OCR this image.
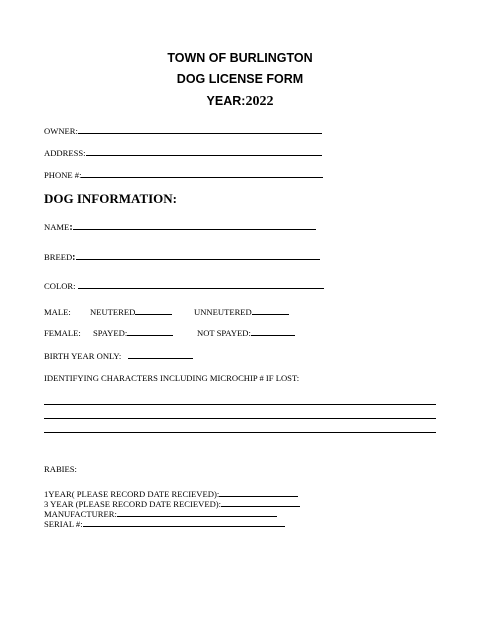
TOWN OF BURLINGTON
DOG LICENSE FORM
YEAR:2022
OWNER:
ADDRESS:
PHONE #:
DOG INFORMATION:
NAME:
BREED:
COLOR:
MALE: NEUTERED	UNNEUTERED
FEMALE: SPAYED:	NOT SPAYED:
BIRTH YEAR ONLY:
IDENTIFYING CHARACTERS INCLUDING MICROCHIP # IF LOST:
RABIES:
1YEAR( PLEASE RECORD DATE RECIEVED):
3 YEAR (PLEASE RECORD DATE RECIEVED):
MANUFACTURER:
SERIAL #:
